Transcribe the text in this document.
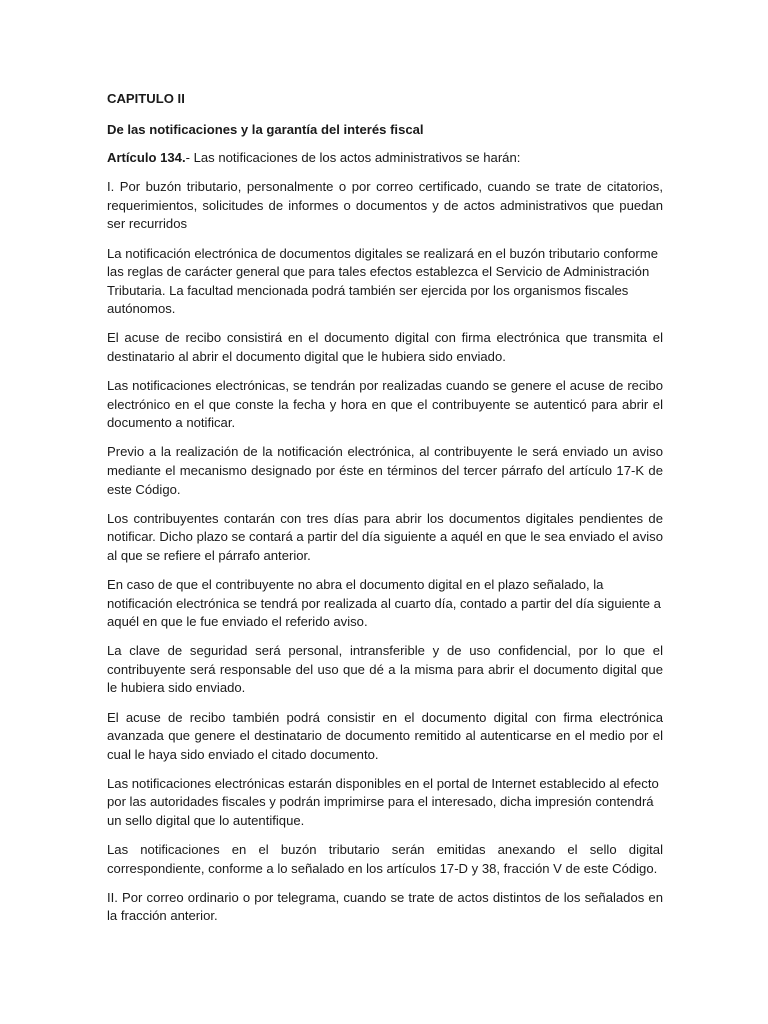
CAPITULO II
De las notificaciones y la garantía del interés fiscal
Artículo 134.- Las notificaciones de los actos administrativos se harán:
I. Por buzón tributario, personalmente o por correo certificado, cuando se trate de citatorios, requerimientos, solicitudes de informes o documentos y de actos administrativos que puedan ser recurridos
La notificación electrónica de documentos digitales se realizará en el buzón tributario conforme las reglas de carácter general que para tales efectos establezca el Servicio de Administración Tributaria. La facultad mencionada podrá también ser ejercida por los organismos fiscales autónomos.
El acuse de recibo consistirá en el documento digital con firma electrónica que transmita el destinatario al abrir el documento digital que le hubiera sido enviado.
Las notificaciones electrónicas, se tendrán por realizadas cuando se genere el acuse de recibo electrónico en el que conste la fecha y hora en que el contribuyente se autenticó para abrir el documento a notificar.
Previo a la realización de la notificación electrónica, al contribuyente le será enviado un aviso mediante el mecanismo designado por éste en términos del tercer párrafo del artículo 17-K de este Código.
Los contribuyentes contarán con tres días para abrir los documentos digitales pendientes de notificar. Dicho plazo se contará a partir del día siguiente a aquél en que le sea enviado el aviso al que se refiere el párrafo anterior.
En caso de que el contribuyente no abra el documento digital en el plazo señalado, la notificación electrónica se tendrá por realizada al cuarto día, contado a partir del día siguiente a aquél en que le fue enviado el referido aviso.
La clave de seguridad será personal, intransferible y de uso confidencial, por lo que el contribuyente será responsable del uso que dé a la misma para abrir el documento digital que le hubiera sido enviado.
El acuse de recibo también podrá consistir en el documento digital con firma electrónica avanzada que genere el destinatario de documento remitido al autenticarse en el medio por el cual le haya sido enviado el citado documento.
Las notificaciones electrónicas estarán disponibles en el portal de Internet establecido al efecto por las autoridades fiscales y podrán imprimirse para el interesado, dicha impresión contendrá un sello digital que lo autentifique.
Las notificaciones en el buzón tributario serán emitidas anexando el sello digital correspondiente, conforme a lo señalado en los artículos 17-D y 38, fracción V de este Código.
II. Por correo ordinario o por telegrama, cuando se trate de actos distintos de los señalados en la fracción anterior.
